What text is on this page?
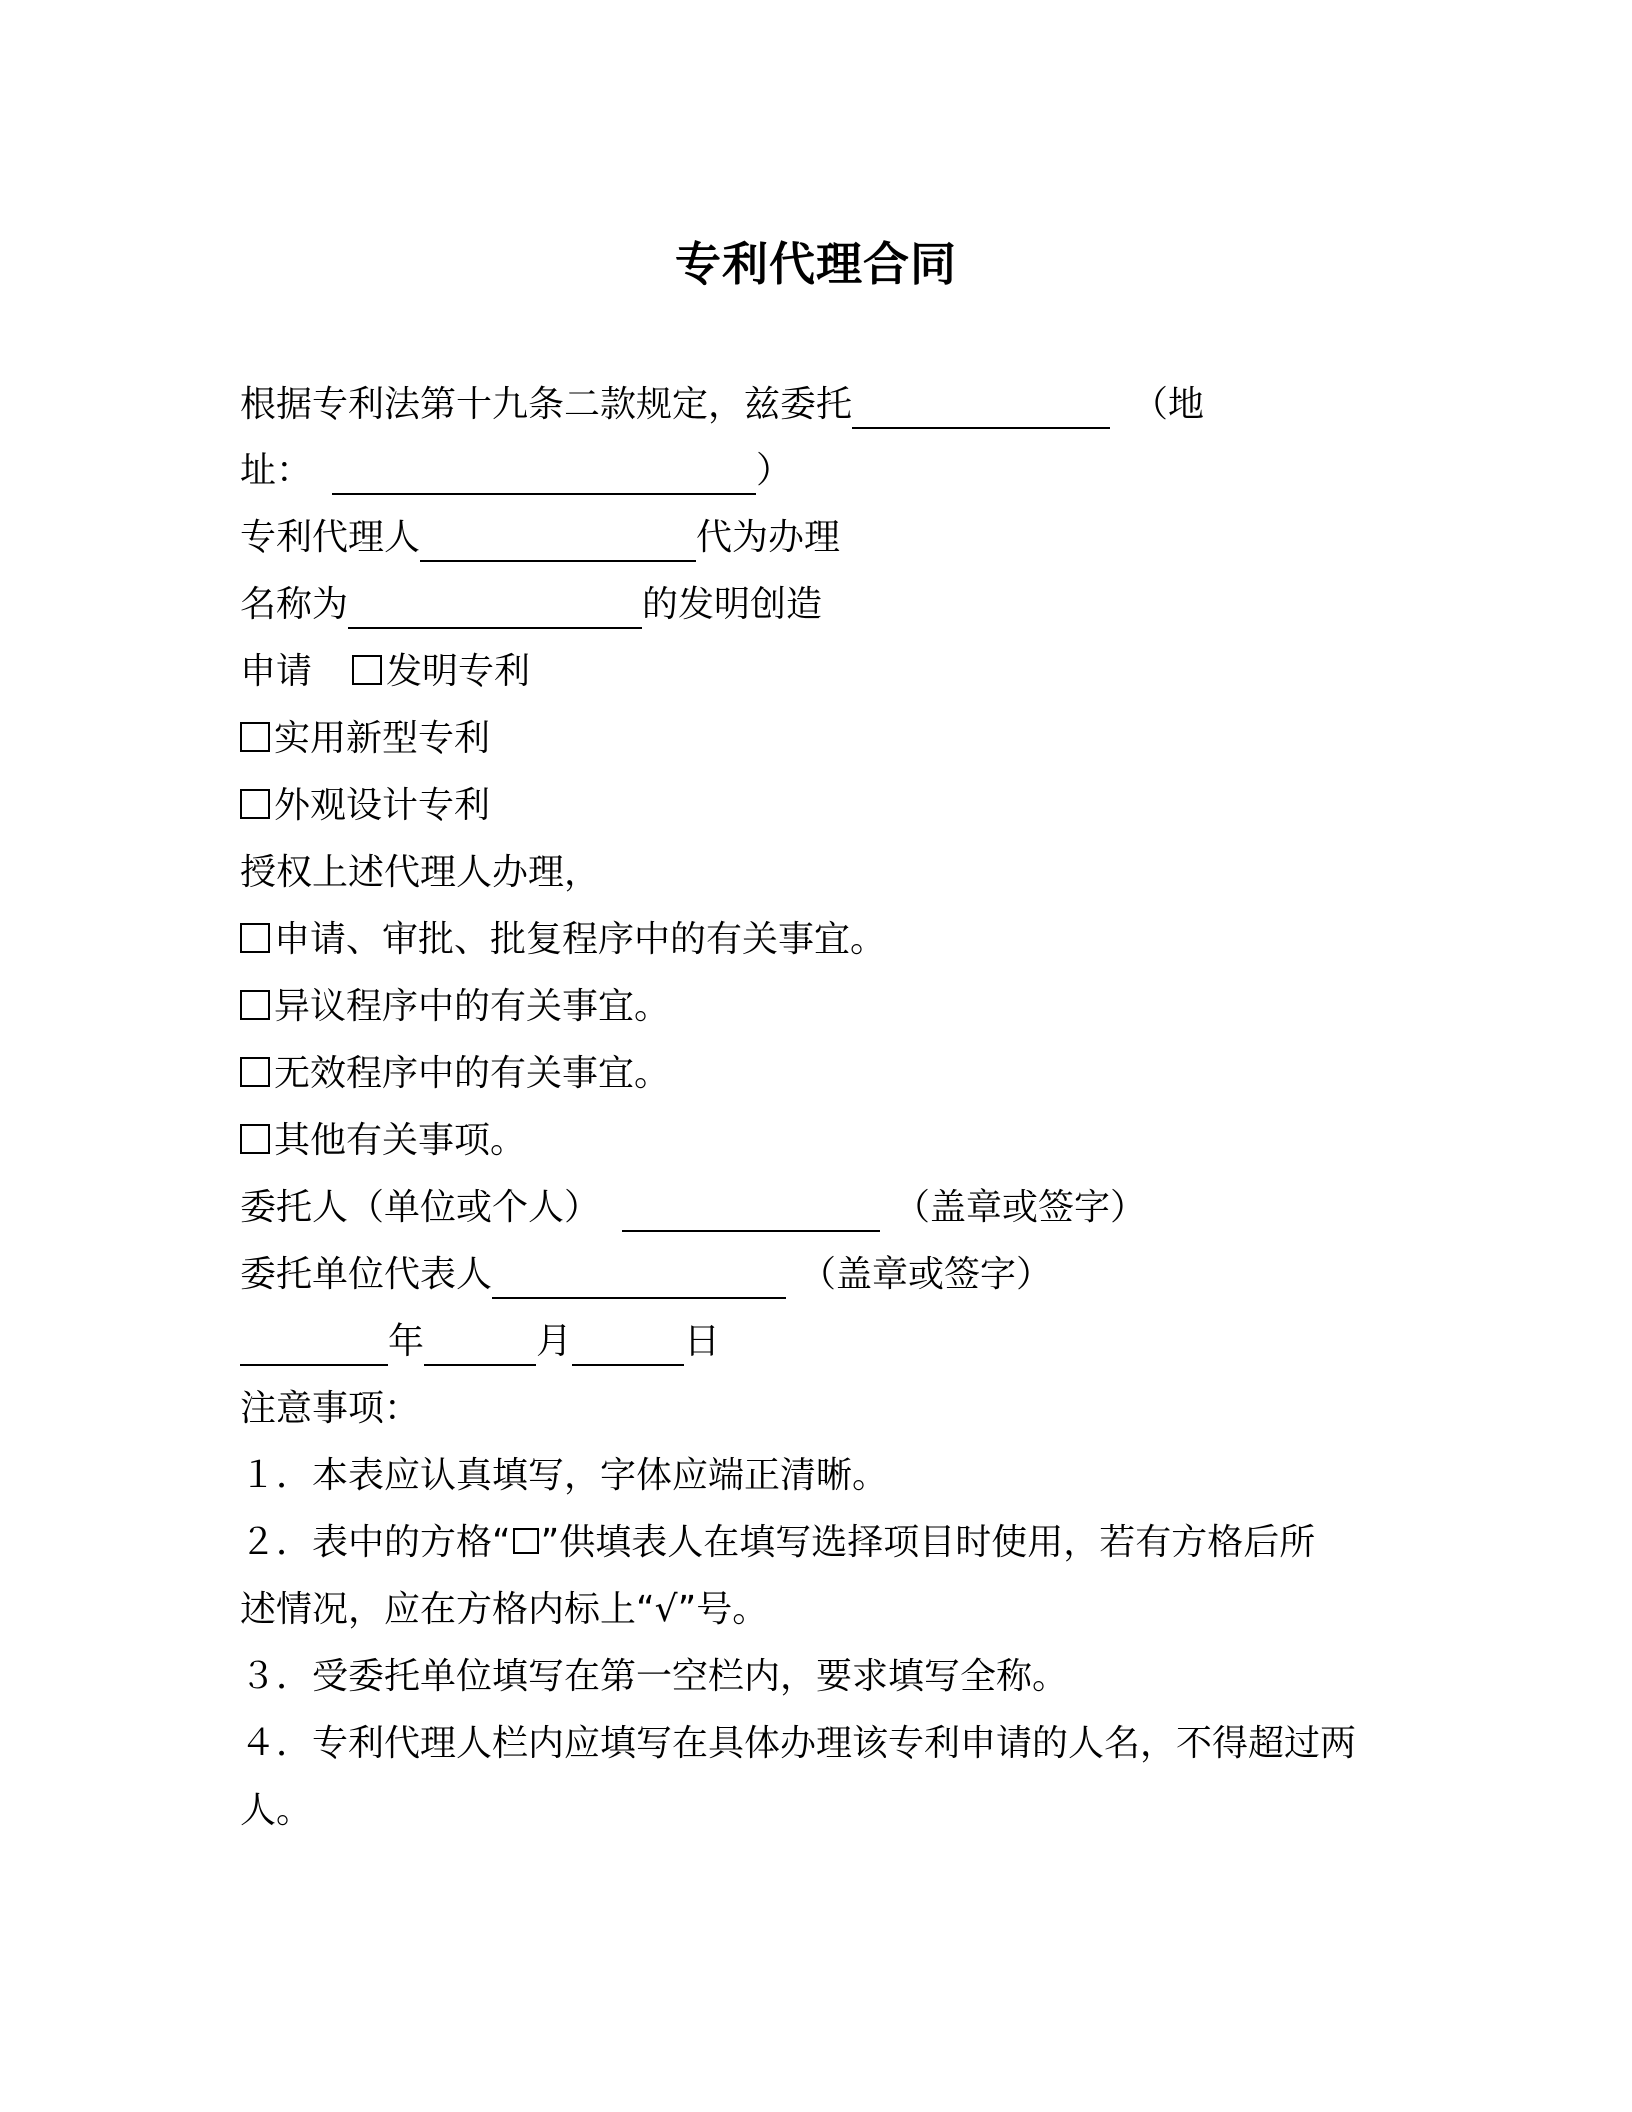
专利代理合同
根据专利法第十九条二款规定，兹委托	（地
址：	）
专利代理人	代为办理
名称为	的发明创造
申请 发明专利
实用新型专利
外观设计专利
授权上述代理人办理，
申请、审批、批复程序中的有关事宜。
异议程序中的有关事宜。
无效程序中的有关事宜。
其他有关事项。
委托人（单位或个人）	（盖章或签字）
委托单位代表人	（盖章或签字）
年	月	日
注意事项：
１．本表应认真填写，字体应端正清晰。
２．表中的方格“ ”供填表人在填写选择项目时使用，若有方格后所
述情况，应在方格内标上“√”号。
３．受委托单位填写在第一空栏内，要求填写全称。
４．专利代理人栏内应填写在具体办理该专利申请的人名，不得超过两
人。
